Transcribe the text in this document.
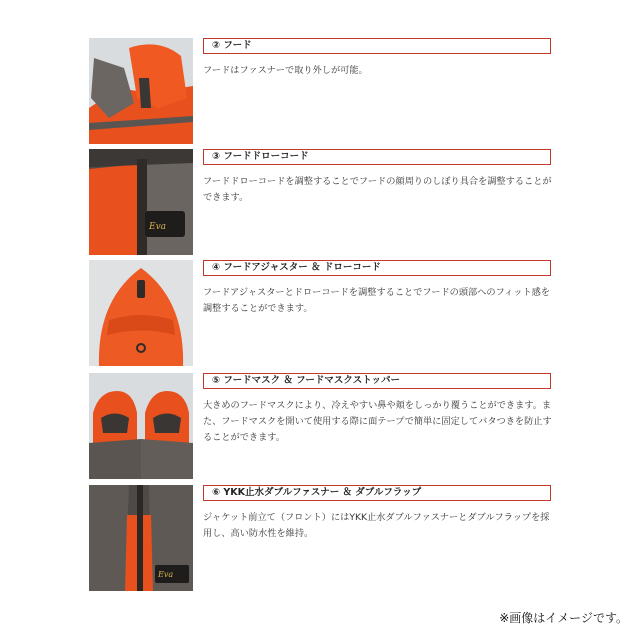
② フード
フードはファスナーで取り外しが可能。
Eva
③ フードドローコード
フードドローコードを調整することでフードの顔周りのしぼり具合を調整することができます。
④ フードアジャスター ＆ ドローコード
フードアジャスターとドローコードを調整することでフードの頭部へのフィット感を調整することができます。
⑤ フードマスク ＆ フードマスクストッパー
大きめのフードマスクにより、冷えやすい鼻や頬をしっかり覆うことができます。また、フードマスクを開いて使用する際に面テープで簡単に固定してバタつきを防止することができます。
Eva
⑥ YKK止水ダブルファスナー ＆ ダブルフラップ
ジャケット前立て（フロント）にはYKK止水ダブルファスナーとダブルフラップを採用し、高い防水性を維持。
※画像はイメージです。
